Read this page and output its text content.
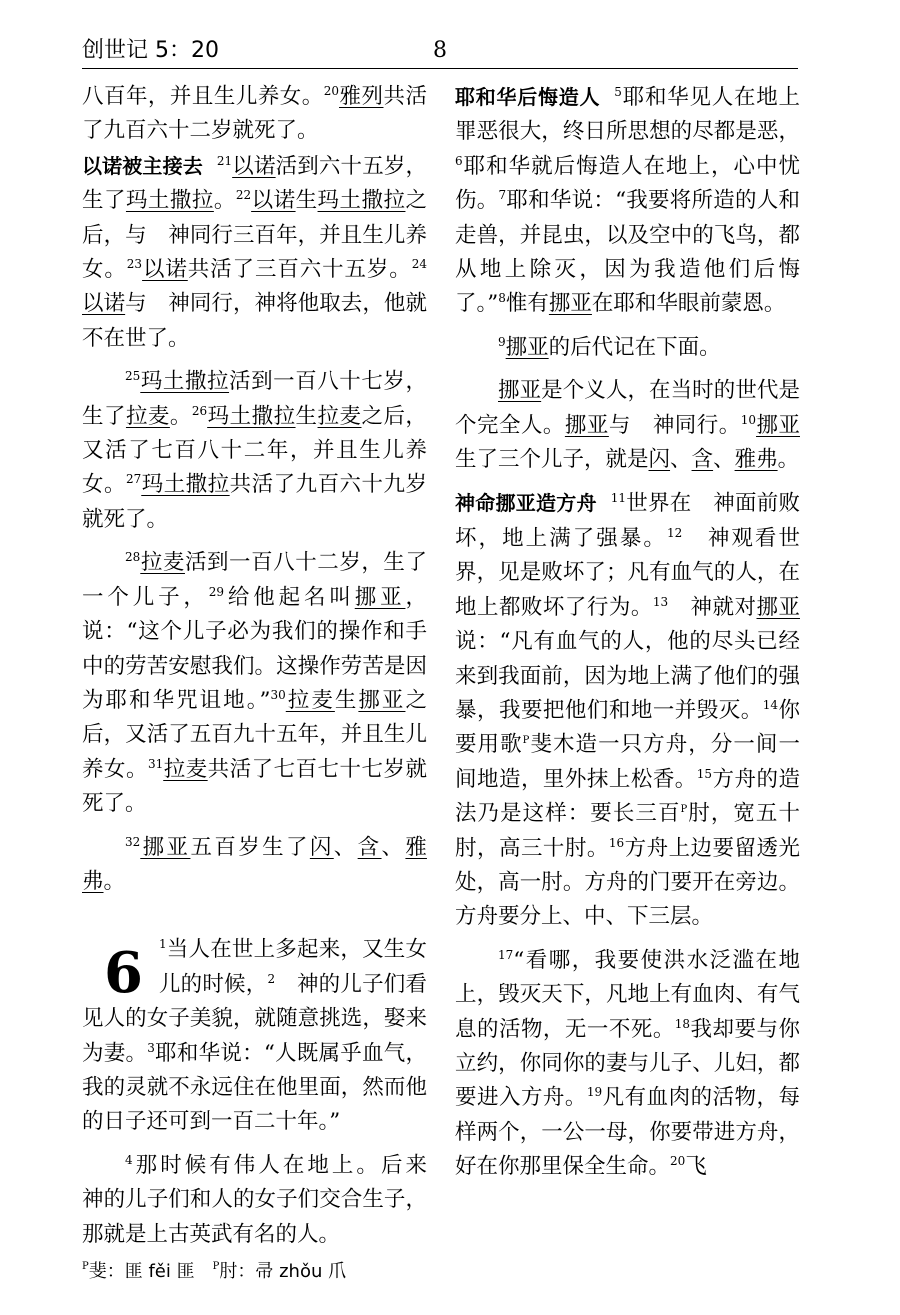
创世记 5：20	8

八百年，并且生儿养女。$^{20}$雅列共活了九百六十二岁就死了。

以诺被主接去 $^{21}$以诺活到六十五岁，生了玛土撒拉。$^{22}$以诺生玛土撒拉之后，与　神同行三百年，并且生儿养女。$^{23}$以诺共活了三百六十五岁。$^{24}$以诺与　神同行，神将他取去，他就不在世了。

$^{25}$玛土撒拉活到一百八十七岁，生了拉麦。$^{26}$玛土撒拉生拉麦之后，又活了七百八十二年，并且生儿养女。$^{27}$玛土撒拉共活了九百六十九岁就死了。

$^{28}$拉麦活到一百八十二岁，生了一个儿子，$^{29}$给他起名叫挪亚，说：“这个儿子必为我们的操作和手中的劳苦安慰我们。这操作劳苦是因为耶和华咒诅地。”$^{30}$拉麦生挪亚之后，又活了五百九十五年，并且生儿养女。$^{31}$拉麦共活了七百七十七岁就死了。

$^{32}$挪亚五百岁生了闪、含、雅弗。

6 $^1$当人在世上多起来，又生女儿的时候，$^2$　神的儿子们看见人的女子美貌，就随意挑选，娶来为妻。$^3$耶和华说：“人既属乎血气，我的灵就不永远住在他里面，然而他的日子还可到一百二十年。”

$^4$那时候有伟人在地上。后来　神的儿子们和人的女子们交合生子，那就是上古英武有名的人。

耶和华后悔造人 $^5$耶和华见人在地上罪恶很大，终日所思想的尽都是恶，$^6$耶和华就后悔造人在地上，心中忧伤。$^7$耶和华说：“我要将所造的人和走兽，并昆虫，以及空中的飞鸟，都从地上除灭，因为我造他们后悔了。”$^8$惟有挪亚在耶和华眼前蒙恩。

$^9$挪亚的后代记在下面。

挪亚是个义人，在当时的世代是个完全人。挪亚与　神同行。$^{10}$挪亚生了三个儿子，就是闪、含、雅弗。

神命挪亚造方舟 $^{11}$世界在　神面前败坏，地上满了强暴。$^{12}$　神观看世界，见是败坏了；凡有血气的人，在地上都败坏了行为。$^{13}$　神就对挪亚说：“凡有血气的人，他的尽头已经来到我面前，因为地上满了他们的强暴，我要把他们和地一并毁灭。$^{14}$你要用歌$^P$斐木造一只方舟，分一间一间地造，里外抹上松香。$^{15}$方舟的造法乃是这样：要长三百$^P$肘，宽五十肘，高三十肘。$^{16}$方舟上边要留透光处，高一肘。方舟的门要开在旁边。方舟要分上、中、下三层。

$^{17}$“看哪，我要使洪水泛滥在地上，毁灭天下，凡地上有血肉、有气息的活物，无一不死。$^{18}$我却要与你立约，你同你的妻与儿子、儿妇，都要进入方舟。$^{19}$凡有血肉的活物，每样两个，一公一母，你要带进方舟，好在你那里保全生命。$^{20}$飞

$^P$斐：匪 fěi 匪 $^P$肘：帚 zhǒu 爪
